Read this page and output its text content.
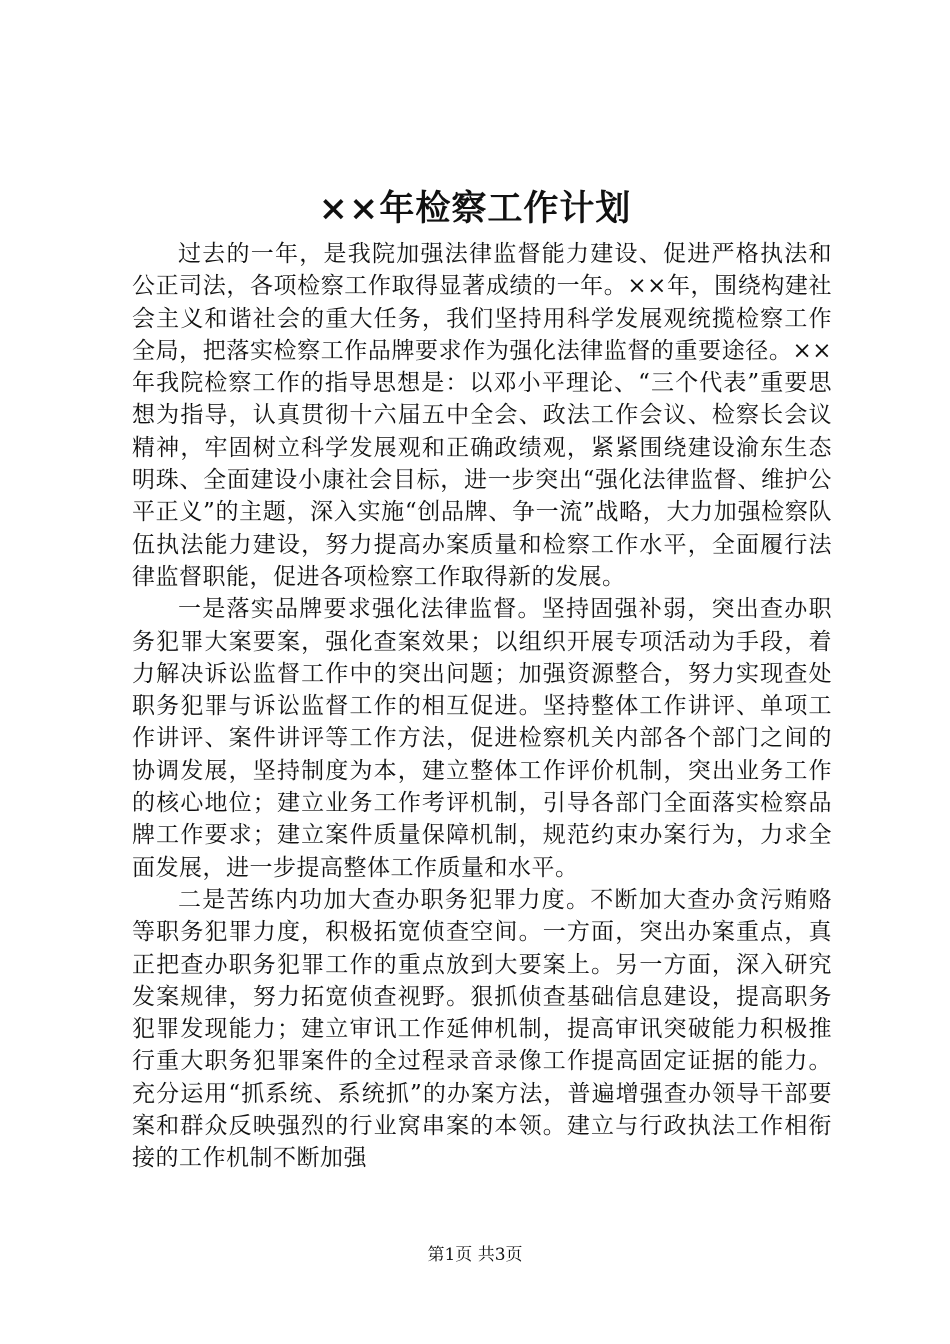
××年检察工作计划

过去的一年，是我院加强法律监督能力建设、促进严格执法和公正司法，各项检察工作取得显著成绩的一年。××年，围绕构建社会主义和谐社会的重大任务，我们坚持用科学发展观统揽检察工作全局，把落实检察工作品牌要求作为强化法律监督的重要途径。××年我院检察工作的指导思想是：以邓小平理论、“三个代表”重要思想为指导，认真贯彻十六届五中全会、政法工作会议、检察长会议精神，牢固树立科学发展观和正确政绩观，紧紧围绕建设渝东生态明珠、全面建设小康社会目标，进一步突出“强化法律监督、维护公平正义”的主题，深入实施“创品牌、争一流”战略，大力加强检察队伍执法能力建设，努力提高办案质量和检察工作水平，全面履行法律监督职能，促进各项检察工作取得新的发展。

一是落实品牌要求强化法律监督。坚持固强补弱，突出查办职务犯罪大案要案，强化查案效果；以组织开展专项活动为手段，着力解决诉讼监督工作中的突出问题；加强资源整合，努力实现查处职务犯罪与诉讼监督工作的相互促进。坚持整体工作讲评、单项工作讲评、案件讲评等工作方法，促进检察机关内部各个部门之间的协调发展，坚持制度为本，建立整体工作评价机制，突出业务工作的核心地位；建立业务工作考评机制，引导各部门全面落实检察品牌工作要求；建立案件质量保障机制，规范约束办案行为，力求全面发展，进一步提高整体工作质量和水平。

二是苦练内功加大查办职务犯罪力度。不断加大查办贪污贿赂等职务犯罪力度，积极拓宽侦查空间。一方面，突出办案重点，真正把查办职务犯罪工作的重点放到大要案上。另一方面，深入研究发案规律，努力拓宽侦查视野。狠抓侦查基础信息建设，提高职务犯罪发现能力；建立审讯工作延伸机制，提高审讯突破能力积极推行重大职务犯罪案件的全过程录音录像工作提高固定证据的能力。充分运用“抓系统、系统抓”的办案方法，普遍增强查办领导干部要案和群众反映强烈的行业窝串案的本领。建立与行政执法工作相衔接的工作机制不断加强

第1页 共3页
